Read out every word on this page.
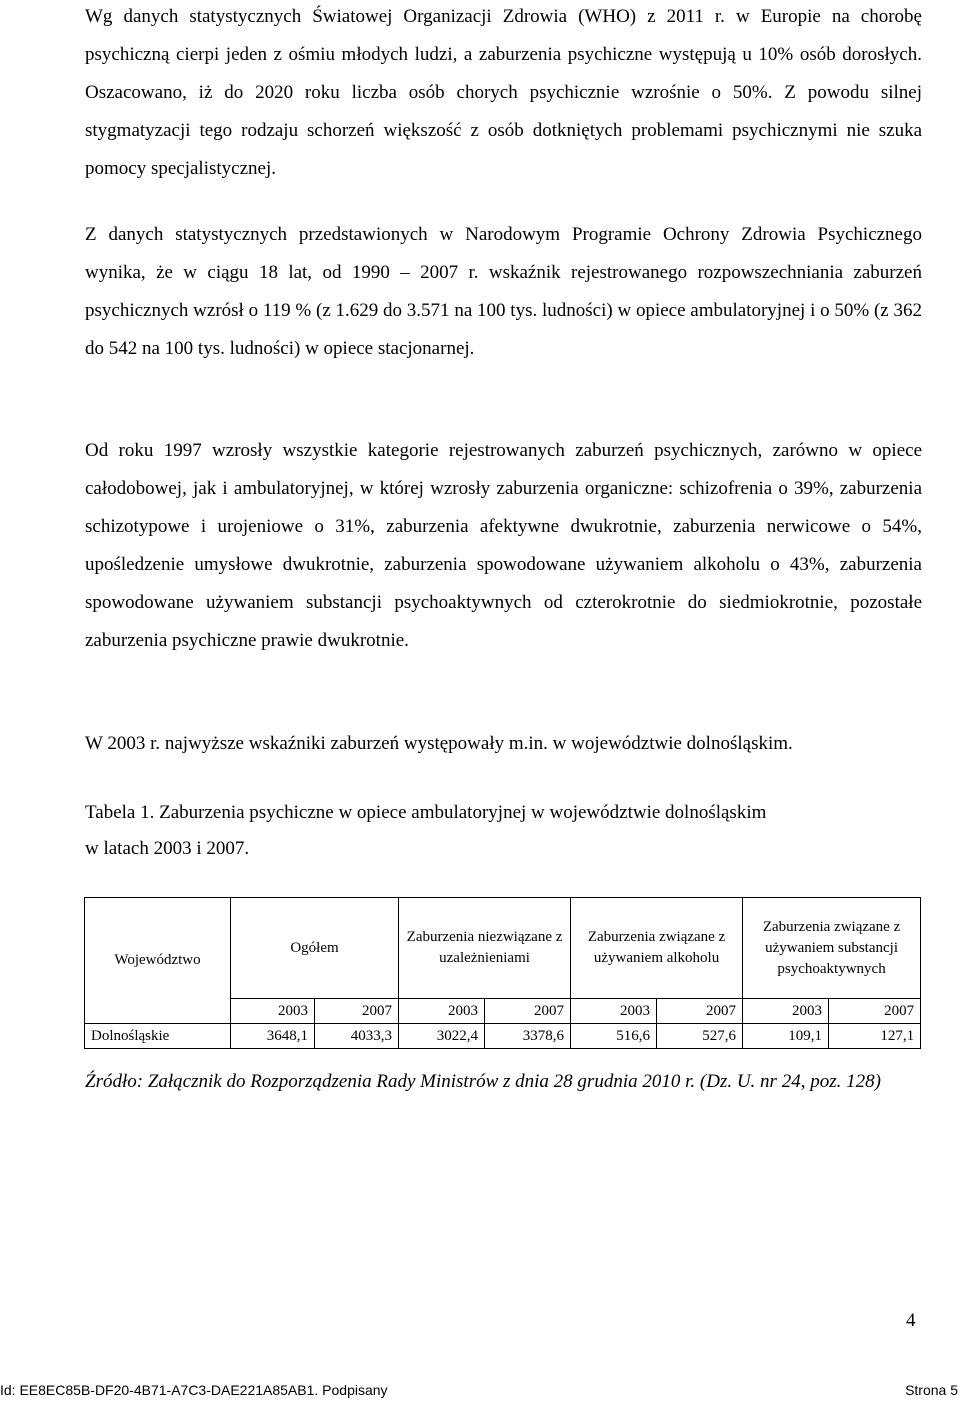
Wg danych statystycznych Światowej Organizacji Zdrowia (WHO) z 2011 r. w Europie na chorobę psychiczną cierpi jeden z ośmiu młodych ludzi, a zaburzenia psychiczne występują u 10% osób dorosłych. Oszacowano, iż do 2020 roku liczba osób chorych psychicznie wzrośnie o 50%. Z powodu silnej stygmatyzacji tego rodzaju schorzeń większość z osób dotkniętych problemami psychicznymi nie szuka pomocy specjalistycznej.

Z danych statystycznych przedstawionych w Narodowym Programie Ochrony Zdrowia Psychicznego wynika, że w ciągu 18 lat, od 1990 – 2007 r. wskaźnik rejestrowanego rozpowszechniania zaburzeń psychicznych wzrósł o 119 % (z 1.629 do 3.571 na 100 tys. ludności) w opiece ambulatoryjnej i o 50% (z 362 do 542 na 100 tys. ludności) w opiece stacjonarnej.

Od roku 1997 wzrosły wszystkie kategorie rejestrowanych zaburzeń psychicznych, zarówno w opiece całodobowej, jak i ambulatoryjnej, w której wzrosły zaburzenia organiczne: schizofrenia o 39%, zaburzenia schizotypowe i urojeniowe o 31%, zaburzenia afektywne dwukrotnie, zaburzenia nerwicowe o 54%, upośledzenie umysłowe dwukrotnie, zaburzenia spowodowane używaniem alkoholu o 43%, zaburzenia spowodowane używaniem substancji psychoaktywnych od czterokrotnie do siedmiokrotnie, pozostałe zaburzenia psychiczne prawie dwukrotnie.

W 2003 r. najwyższe wskaźniki zaburzeń występowały m.in. w województwie dolnośląskim.

Tabela 1. Zaburzenia psychiczne w opiece ambulatoryjnej w województwie dolnośląskim
w latach 2003 i 2007.

Województwo	Ogółem		Zaburzenia niezwiązane z uzależnieniami		Zaburzenia związane z używaniem alkoholu		Zaburzenia związane z używaniem substancji psychoaktywnych	
	2003	2007	2003	2007	2003	2007	2003	2007
Dolnośląskie	3648,1	4033,3	3022,4	3378,6	516,6	527,6	109,1	127,1

Źródło: Załącznik do Rozporządzenia Rady Ministrów z dnia 28 grudnia 2010 r. (Dz. U. nr 24, poz. 128)

4
Id: EE8EC85B-DF20-4B71-A7C3-DAE221A85AB1. Podpisany	Strona 5
